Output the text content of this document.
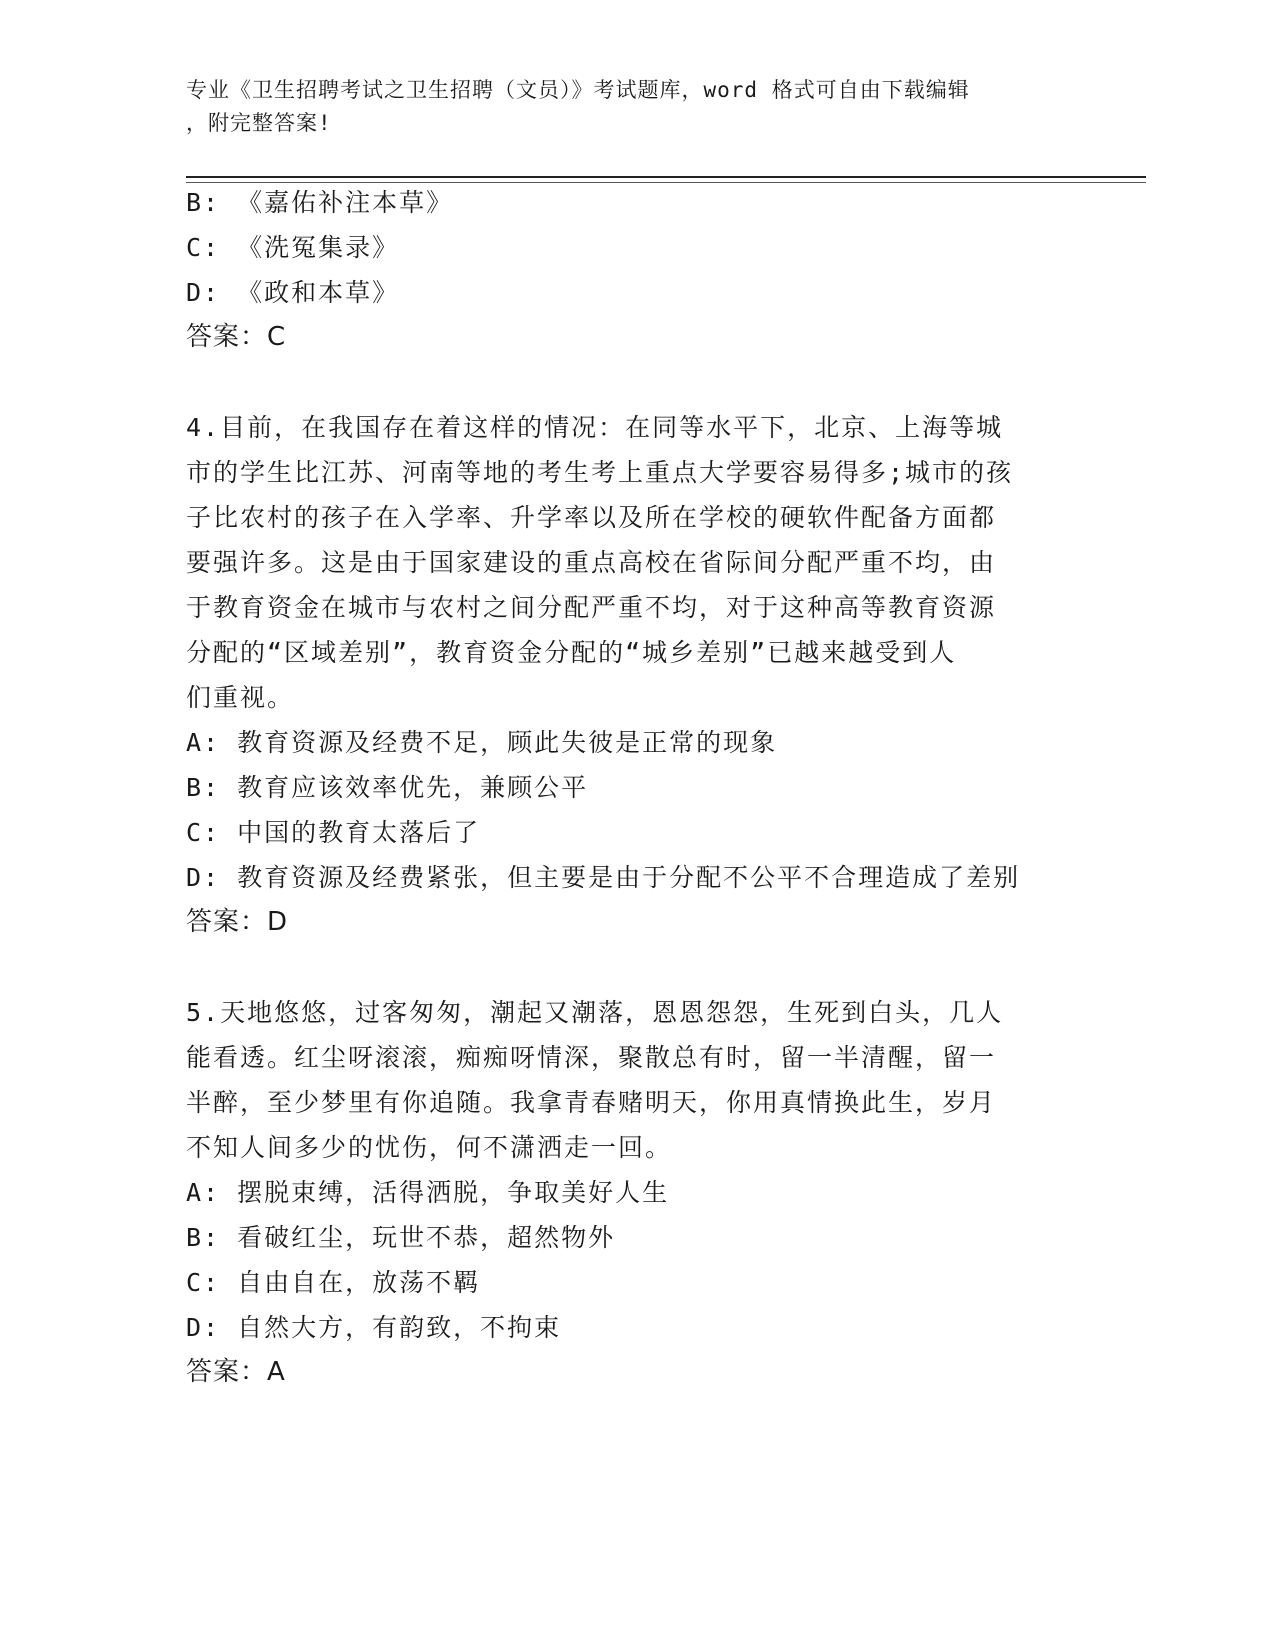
专业《卫生招聘考试之卫生招聘（文员）》考试题库，word 格式可自由下载编辑
，附完整答案!
B: 《嘉佑补注本草》
C: 《洗冤集录》
D: 《政和本草》
答案：C
4.目前，在我国存在着这样的情况：在同等水平下，北京、上海等城
市的学生比江苏、河南等地的考生考上重点大学要容易得多;城市的孩
子比农村的孩子在入学率、升学率以及所在学校的硬软件配备方面都
要强许多。这是由于国家建设的重点高校在省际间分配严重不均，由
于教育资金在城市与农村之间分配严重不均，对于这种高等教育资源
分配的“区域差别”，教育资金分配的“城乡差别”已越来越受到人
们重视。
A: 教育资源及经费不足，顾此失彼是正常的现象
B: 教育应该效率优先，兼顾公平
C: 中国的教育太落后了
D: 教育资源及经费紧张，但主要是由于分配不公平不合理造成了差别
答案：D
5.天地悠悠，过客匆匆，潮起又潮落，恩恩怨怨，生死到白头，几人
能看透。红尘呀滚滚，痴痴呀情深，聚散总有时，留一半清醒，留一
半醉，至少梦里有你追随。我拿青春赌明天，你用真情换此生，岁月
不知人间多少的忧伤，何不潇洒走一回。
A: 摆脱束缚，活得洒脱，争取美好人生
B: 看破红尘，玩世不恭，超然物外
C: 自由自在，放荡不羁
D: 自然大方，有韵致，不拘束
答案：A
